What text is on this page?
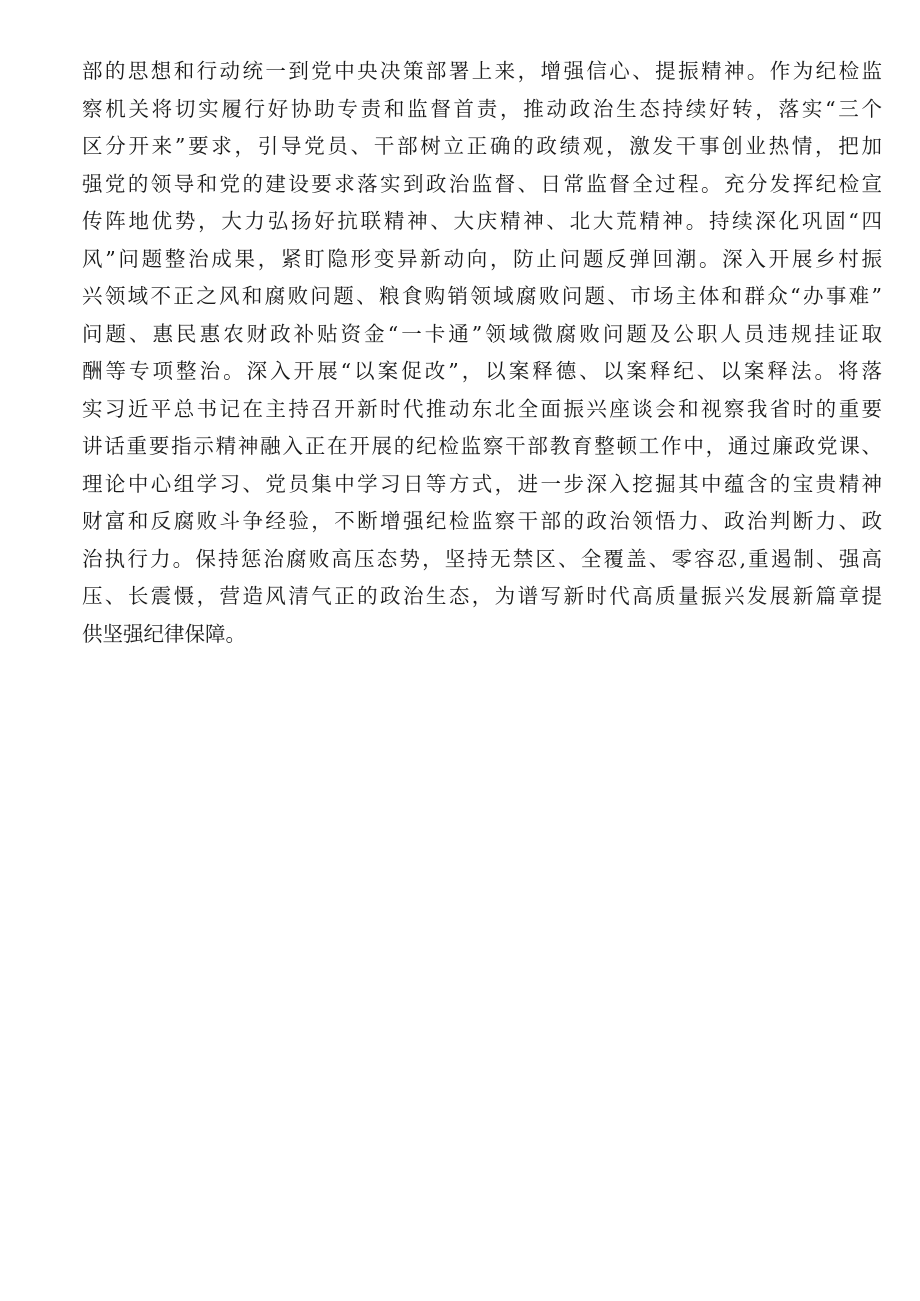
部的思想和行动统一到党中央决策部署上来，增强信心、提振精神。作为纪检监
察机关将切实履行好协助专责和监督首责，推动政治生态持续好转，落实“三个
区分开来”要求，引导党员、干部树立正确的政绩观，激发干事创业热情，把加
强党的领导和党的建设要求落实到政治监督、日常监督全过程。充分发挥纪检宣
传阵地优势，大力弘扬好抗联精神、大庆精神、北大荒精神。持续深化巩固“四
风”问题整治成果，紧盯隐形变异新动向，防止问题反弹回潮。深入开展乡村振
兴领域不正之风和腐败问题、粮食购销领域腐败问题、市场主体和群众“办事难”
问题、惠民惠农财政补贴资金“一卡通”领域微腐败问题及公职人员违规挂证取
酬等专项整治。深入开展“以案促改”，以案释德、以案释纪、以案释法。将落
实习近平总书记在主持召开新时代推动东北全面振兴座谈会和视察我省时的重要
讲话重要指示精神融入正在开展的纪检监察干部教育整顿工作中，通过廉政党课、
理论中心组学习、党员集中学习日等方式，进一步深入挖掘其中蕴含的宝贵精神
财富和反腐败斗争经验，不断增强纪检监察干部的政治领悟力、政治判断力、政
治执行力。保持惩治腐败高压态势，坚持无禁区、全覆盖、零容忍,重遏制、强高
压、长震慑，营造风清气正的政治生态，为谱写新时代高质量振兴发展新篇章提
供坚强纪律保障。
